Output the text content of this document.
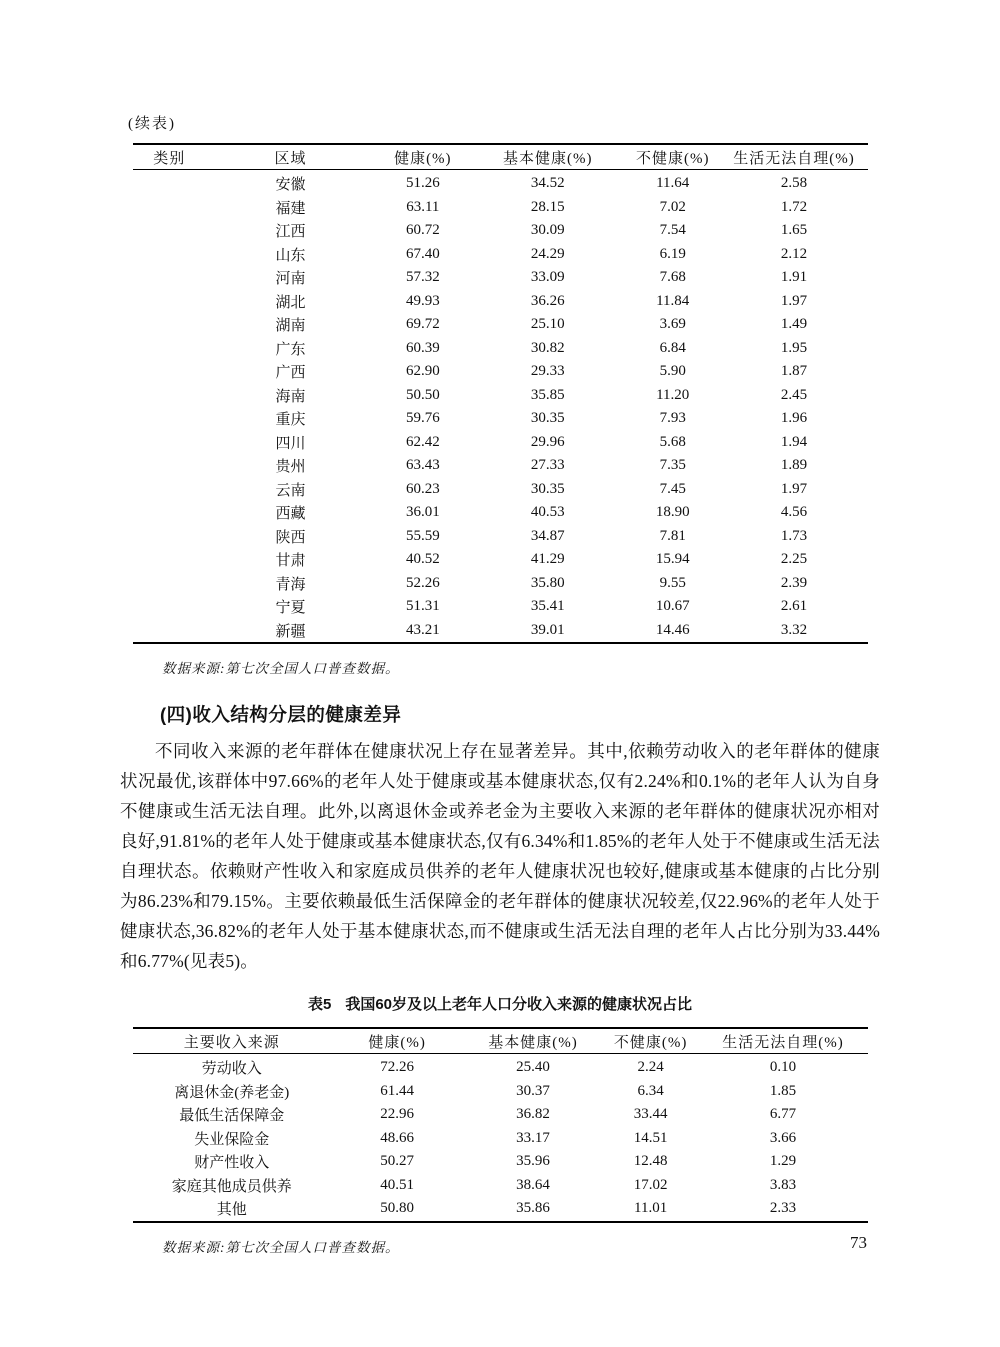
(续表)
类别	区域	健康(%)	基本健康(%)	不健康(%)	生活无法自理(%)
	安徽	51.26	34.52	11.64	2.58
	福建	63.11	28.15	7.02	1.72
	江西	60.72	30.09	7.54	1.65
	山东	67.40	24.29	6.19	2.12
	河南	57.32	33.09	7.68	1.91
	湖北	49.93	36.26	11.84	1.97
	湖南	69.72	25.10	3.69	1.49
	广东	60.39	30.82	6.84	1.95
	广西	62.90	29.33	5.90	1.87
	海南	50.50	35.85	11.20	2.45
	重庆	59.76	30.35	7.93	1.96
	四川	62.42	29.96	5.68	1.94
	贵州	63.43	27.33	7.35	1.89
	云南	60.23	30.35	7.45	1.97
	西藏	36.01	40.53	18.90	4.56
	陕西	55.59	34.87	7.81	1.73
	甘肃	40.52	41.29	15.94	2.25
	青海	52.26	35.80	9.55	2.39
	宁夏	51.31	35.41	10.67	2.61
	新疆	43.21	39.01	14.46	3.32
数据来源:第七次全国人口普查数据。
(四)收入结构分层的健康差异

不同收入来源的老年群体在健康状况上存在显著差异。其中,依赖劳动收入的老年群体的健康状况最优,该群体中97.66%的老年人处于健康或基本健康状态,仅有2.24%和0.1%的老年人认为自身不健康或生活无法自理。此外,以离退休金或养老金为主要收入来源的老年群体的健康状况亦相对良好,91.81%的老年人处于健康或基本健康状态,仅有6.34%和1.85%的老年人处于不健康或生活无法自理状态。依赖财产性收入和家庭成员供养的老年人健康状况也较好,健康或基本健康的占比分别为86.23%和79.15%。主要依赖最低生活保障金的老年群体的健康状况较差,仅22.96%的老年人处于健康状态,36.82%的老年人处于基本健康状态,而不健康或生活无法自理的老年人占比分别为33.44%和6.77%(见表5)。

表5 我国60岁及以上老年人口分收入来源的健康状况占比
主要收入来源	健康(%)	基本健康(%)	不健康(%)	生活无法自理(%)
劳动收入	72.26	25.40	2.24	0.10
离退休金(养老金)	61.44	30.37	6.34	1.85
最低生活保障金	22.96	36.82	33.44	6.77
失业保险金	48.66	33.17	14.51	3.66
财产性收入	50.27	35.96	12.48	1.29
家庭其他成员供养	40.51	38.64	17.02	3.83
其他	50.80	35.86	11.01	2.33
数据来源:第七次全国人口普查数据。	73
